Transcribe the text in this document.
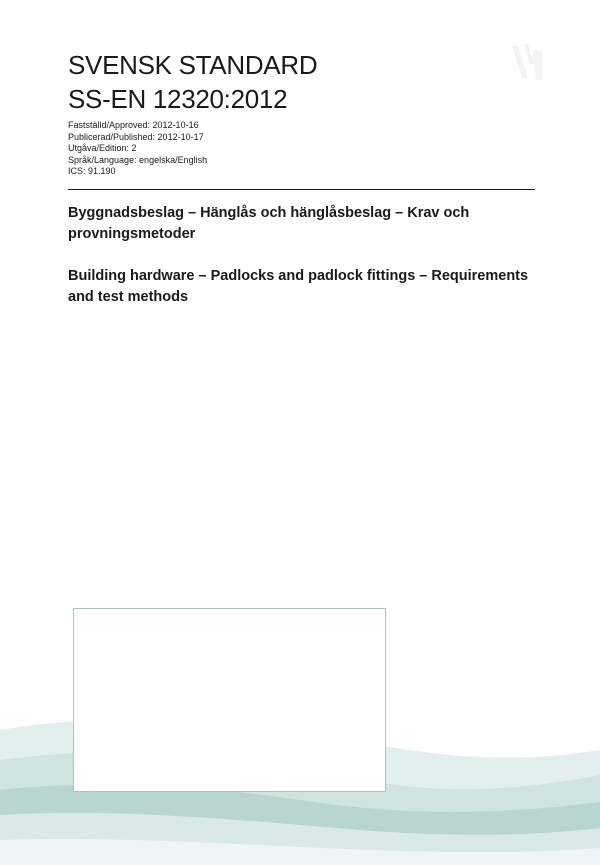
SVENSK STANDARD
SS-EN 12320:2012
Fastställd/Approved: 2012-10-16
Publicerad/Published: 2012-10-17
Utgåva/Edition: 2
Språk/Language: engelska/English
ICS: 91.190
Byggnadsbeslag – Hänglås och hänglåsbeslag – Krav och provningsmetoder
Building hardware – Padlocks and padlock fittings – Requirements and test methods
